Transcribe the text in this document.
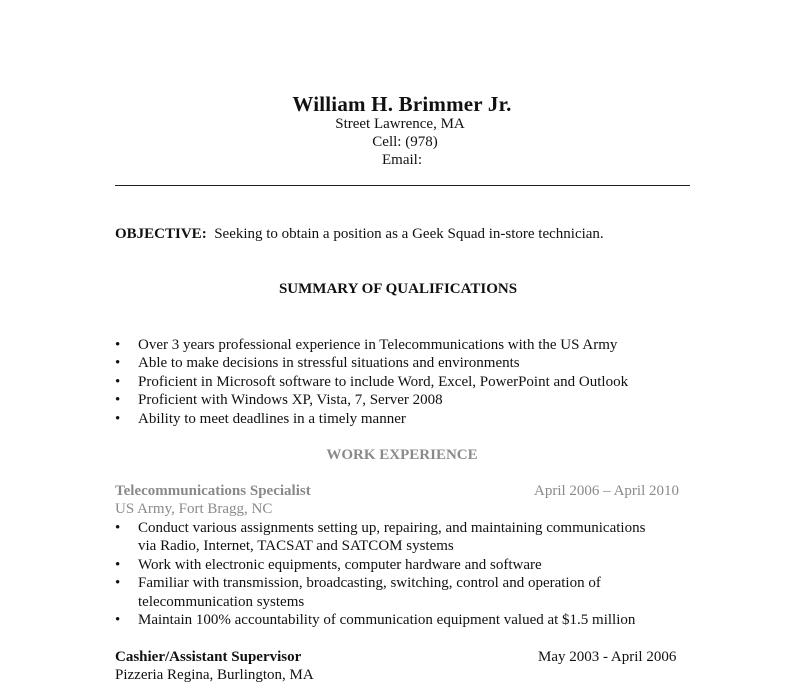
William H. Brimmer Jr.
Street Lawrence, MA
Cell: (978)
Email:
OBJECTIVE: Seeking to obtain a position as a Geek Squad in-store technician.
SUMMARY OF QUALIFICATIONS
•	Over 3 years professional experience in Telecommunications with the US Army
•	Able to make decisions in stressful situations and environments
•	Proficient in Microsoft software to include Word, Excel, PowerPoint and Outlook
•	Proficient with Windows XP, Vista, 7, Server 2008
•	Ability to meet deadlines in a timely manner
WORK EXPERIENCE
Telecommunications Specialist	April 2006 – April 2010
US Army, Fort Bragg, NC
•	Conduct various assignments setting up, repairing, and maintaining communications
via Radio, Internet, TACSAT and SATCOM systems
•	Work with electronic equipments, computer hardware and software
•	Familiar with transmission, broadcasting, switching, control and operation of
telecommunication systems
•	Maintain 100% accountability of communication equipment valued at $1.5 million
Cashier/Assistant Supervisor	May 2003 - April 2006
Pizzeria Regina, Burlington, MA
